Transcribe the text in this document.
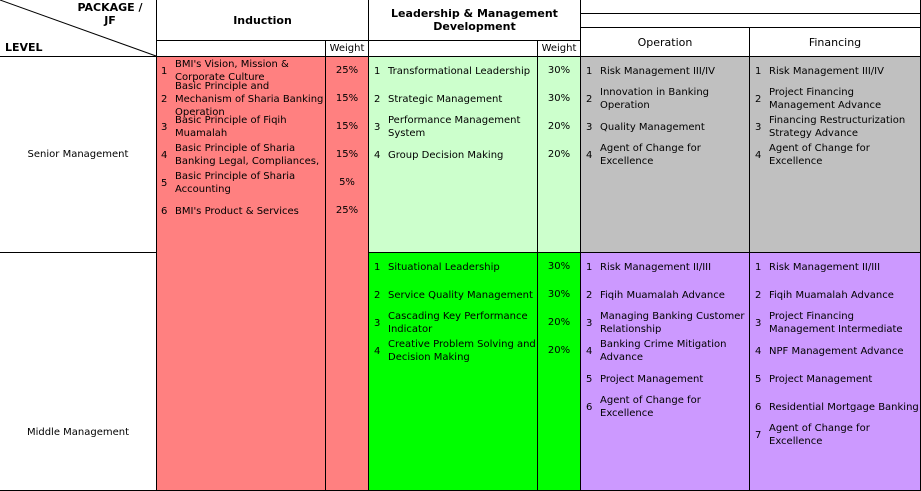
PACKAGE / JF
LEVEL
Induction
Weight
Leadership & Management Development
Weight	Operation	Financing
Senior Management
Middle Management
1
BMI's Vision, Mission & Corporate Culture
2
Basic Principle and Mechanism of Sharia Banking Operation
3
Basic Principle of Fiqih Muamalah
4
Basic Principle of Sharia Banking Legal, Compliances,
5
Basic Principle of Sharia Accounting
6 BMI's Product & Services
25%
15%
15%
15%
5%
25%
1 Transformational Leadership
2 Strategic Management
3
Performance Management System
4 Group Decision Making
30%
30%
20%
20%
1 Situational Leadership
2 Service Quality Management
3
Cascading Key Performance Indicator
4
Creative Problem Solving and Decision Making
30%
30%
20%
20%
1 Risk Management III/IV
2
Innovation in Banking Operation
3 Quality Management
4
Agent of Change for Excellence
1 Risk Management III/IV
2
Project Financing Management Advance
3
Financing Restructurization Strategy Advance
4
Agent of Change for Excellence
1 Risk Management II/III
2 Fiqih Muamalah Advance
3
Managing Banking Customer Relationship
4
Banking Crime Mitigation Advance
5 Project Management
6
Agent of Change for Excellence
1 Risk Management II/III
2 Fiqih Muamalah Advance
3
Project Financing Management Intermediate
4 NPF Management Advance
5 Project Management
6 Residential Mortgage Banking
7
Agent of Change for Excellence
